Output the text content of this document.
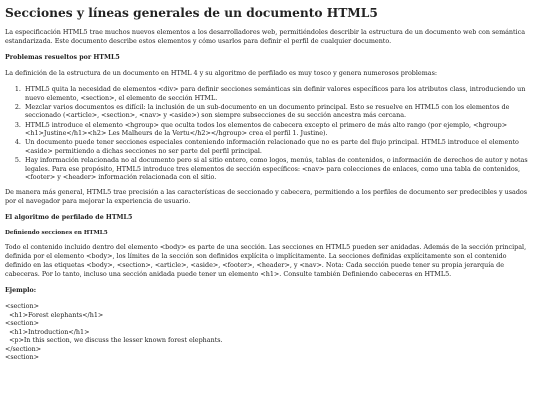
Secciones y líneas generales de un documento HTML5

La especificación HTML5 trae muchos nuevos elementos a los desarrolladores web, permitiéndoles describir la estructura de un documento web con semántica estandarizada. Este documento describe estos elementos y cómo usarlos para definir el perfil de cualquier documento.

Problemas resueltos por HTML5

La definición de la estructura de un documento en HTML 4 y su algoritmo de perfilado es muy tosco y genera numerosos problemas:

1. HTML5 quita la necesidad de elementos <div> para definir secciones semánticas sin definir valores específicos para los atributos class, introduciendo un nuevo elemento, <section>, el elemento de sección HTML.
2. Mezclar varios documentos es difícil: la inclusión de un sub-documento en un documento principal. Esto se resuelve en HTML5 con los elementos de seccionado (<article>, <section>, <nav> y <aside>) son siempre subsecciones de su sección ancestra más cercana.
3. HTML5 introduce el elemento <hgroup> que oculta todos los elementos de cabecera excepto el primero de más alto rango (por ejemplo, <hgroup><h1>Justine</h1><h2> Les Malheurs de la Vertu</h2></hgroup> crea el perfil 1. Justine).
4. Un documento puede tener secciones especiales conteniendo información relacionado que no es parte del flujo principal. HTML5 introduce el elemento <aside> permitiendo a dichas secciones no ser parte del perfil principal.
5. Hay información relacionada no al documento pero si al sitio entero, como logos, menús, tablas de contenidos, o información de derechos de autor y notas legales. Para ese propósito, HTML5 introduce tres elementos de sección específicos: <nav> para colecciones de enlaces, como una tabla de contenidos, <footer> y <header> información relacionada con el sitio.

De manera más general, HTML5 trae precisión a las características de seccionado y cabecera, permitiendo a los perfiles de documento ser predecibles y usados por el navegador para mejorar la experiencia de usuario.

El algoritmo de perfilado de HTML5
Definiendo secciones en HTML5

Todo el contenido incluido dentro del elemento <body> es parte de una sección. Las secciones en HTML5 pueden ser anidadas. Además de la sección principal, definida por el elemento <body>, los límites de la sección son definidos explícita o implícitamente. La secciones definidas explícitamente son el contenido definido en las etiquetas <body>, <section>, <article>, <aside>, <footer>, <header>, y <nav>. Nota: Cada sección puede tener su propia jerarquía de cabeceras. Por lo tanto, incluso una sección anidada puede tener un elemento <h1>. Consulte también Definiendo cabeceras en HTML5.

Ejemplo:
<section>
<h1>Forest elephants</h1>
<section>
<h1>Introduction</h1>
<p>In this section, we discuss the lesser known forest elephants.
</section>
<section>
